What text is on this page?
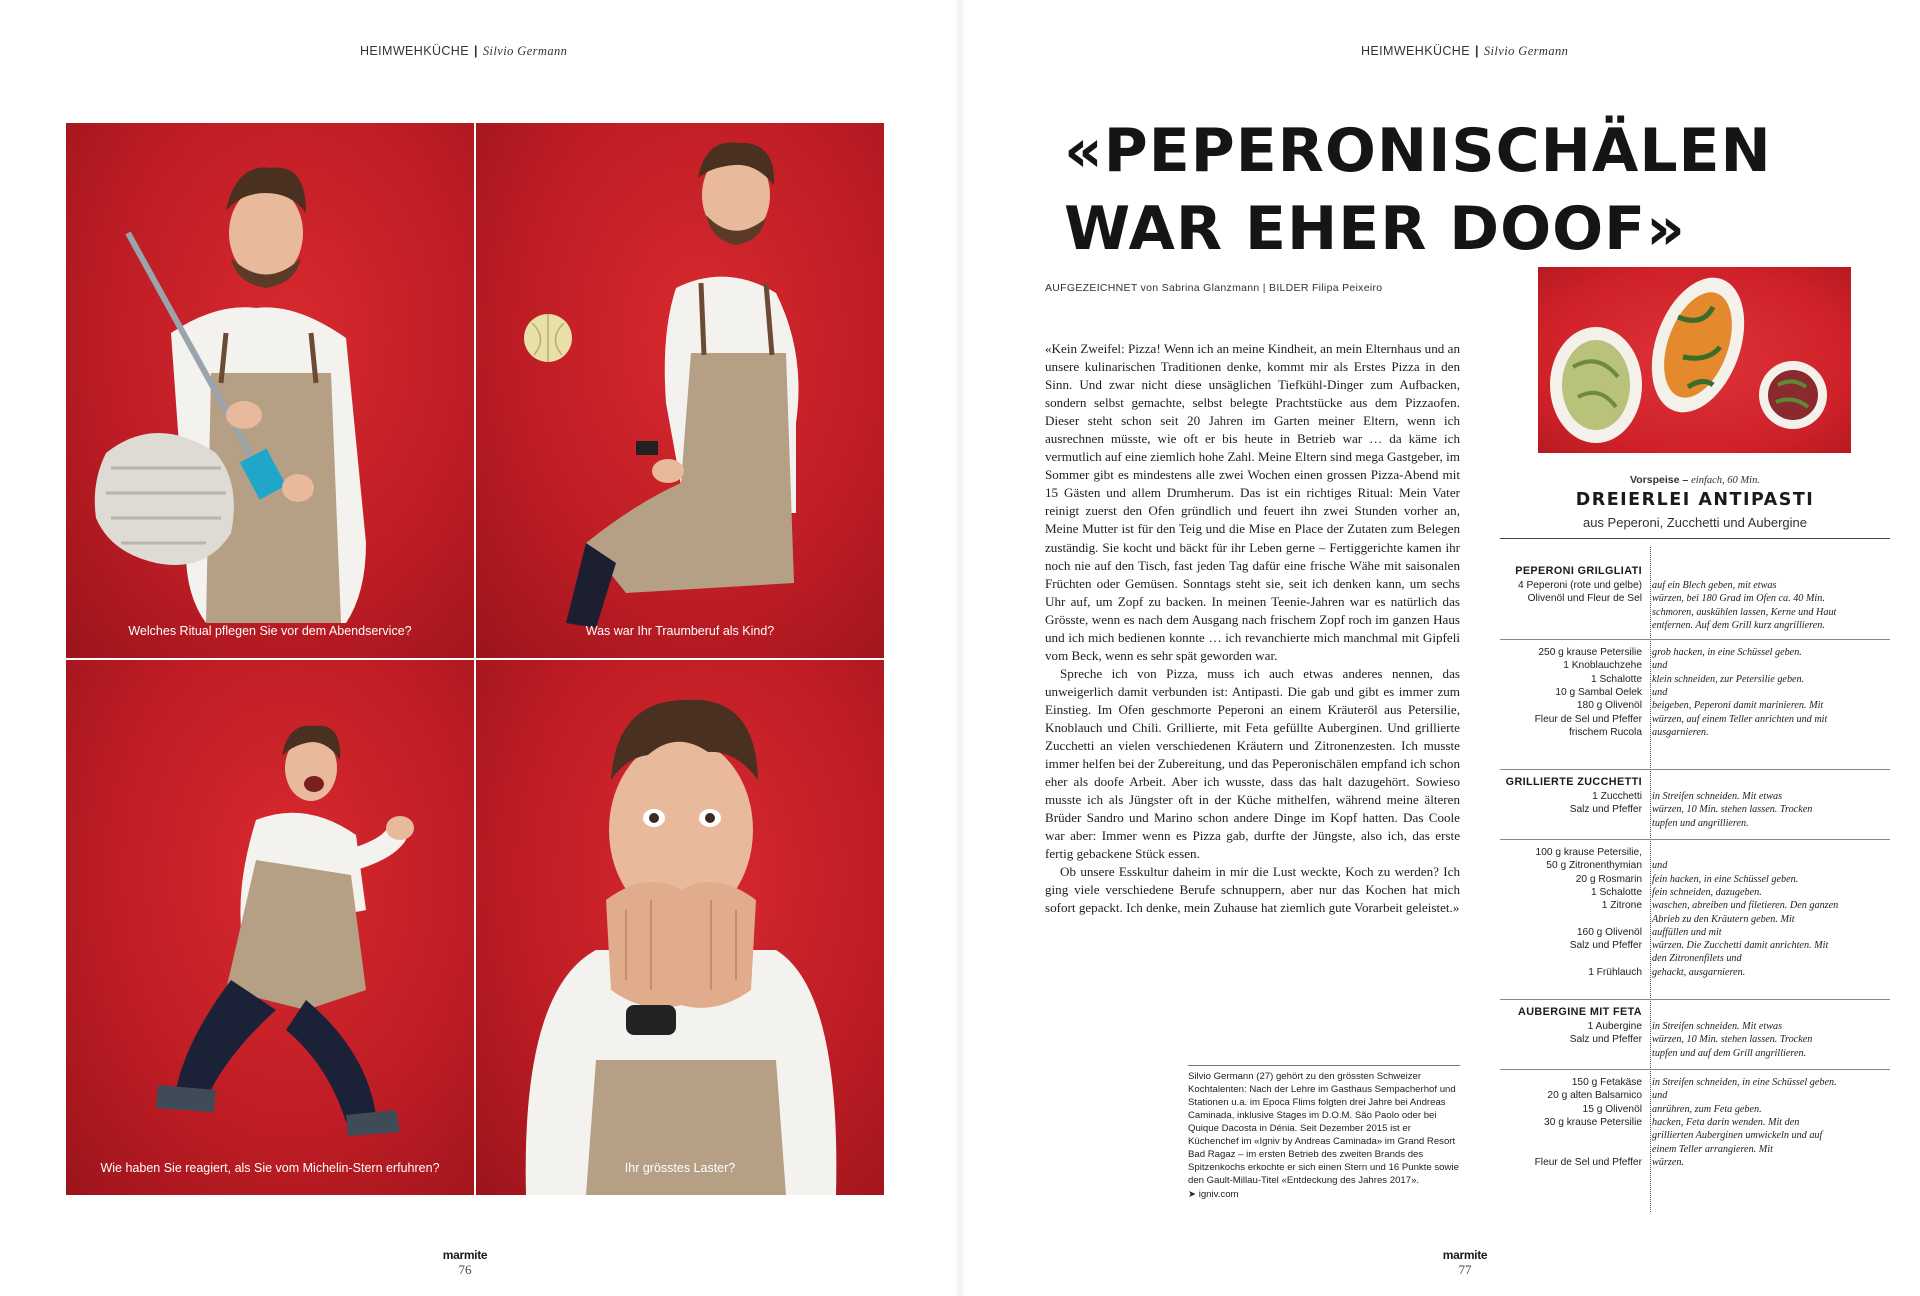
HEIMWEHKÜCHE | Silvio Germann
Welches Ritual pflegen Sie vor dem Abendservice?	Was war Ihr Traumberuf als Kind?
Wie haben Sie reagiert, als Sie vom Michelin-Stern erfuhren?	Ihr grösstes Laster?
marmite
76
HEIMWEHKÜCHE | Silvio Germann
«PEPERONISCHÄLEN
WAR EHER DOOF»
AUFGEZEICHNET von Sabrina Glanzmann | BILDER Filipa Peixeiro

«Kein Zweifel: Pizza! Wenn ich an meine Kindheit, an mein Elternhaus und an unsere kulinarischen Traditionen denke, kommt mir als Erstes Pizza in den Sinn. Und zwar nicht diese unsäglichen Tiefkühl-Dinger zum Aufbacken, sondern selbst gemachte, selbst belegte Prachtstücke aus dem Pizzaofen. Dieser steht schon seit 20 Jahren im Garten meiner Eltern, wenn ich ausrechnen müsste, wie oft er bis heute in Betrieb war … da käme ich vermutlich auf eine ziemlich hohe Zahl. Meine Eltern sind mega Gastgeber, im Sommer gibt es mindestens alle zwei Wochen einen grossen Pizza-Abend mit 15 Gästen und allem Drumherum. Das ist ein richtiges Ritual: Mein Vater reinigt zuerst den Ofen gründlich und feuert ihn zwei Stunden vorher an, Meine Mutter ist für den Teig und die Mise en Place der Zutaten zum Belegen zuständig. Sie kocht und bäckt für ihr Leben gerne – Fertiggerichte kamen ihr noch nie auf den Tisch, fast jeden Tag dafür eine frische Wähe mit saisonalen Früchten oder Gemüsen. Sonntags steht sie, seit ich denken kann, um sechs Uhr auf, um Zopf zu backen. In meinen Teenie-Jahren war es natürlich das Grösste, wenn es nach dem Ausgang nach frischem Zopf roch im ganzen Haus und ich mich bedienen konnte … ich revanchierte mich manchmal mit Gipfeli vom Beck, wenn es sehr spät geworden war.

Spreche ich von Pizza, muss ich auch etwas anderes nennen, das unweigerlich damit verbunden ist: Antipasti. Die gab und gibt es immer zum Einstieg. Im Ofen geschmorte Peperoni an einem Kräuteröl aus Petersilie, Knoblauch und Chili. Grillierte, mit Feta gefüllte Auberginen. Und grillierte Zucchetti an vielen verschiedenen Kräutern und Zitronenzesten. Ich musste immer helfen bei der Zubereitung, und das Peperonischälen empfand ich schon eher als doofe Arbeit. Aber ich wusste, dass das halt dazugehört. Sowieso musste ich als Jüngster oft in der Küche mithelfen, während meine älteren Brüder Sandro und Marino schon andere Dinge im Kopf hatten. Das Coole war aber: Immer wenn es Pizza gab, durfte der Jüngste, also ich, das erste fertig gebackene Stück essen.

Ob unsere Esskultur daheim in mir die Lust weckte, Koch zu werden? Ich ging viele verschiedene Berufe schnuppern, aber nur das Kochen hat mich sofort gepackt. Ich denke, mein Zuhause hat ziemlich gute Vorarbeit geleistet.»

Silvio Germann (27) gehört zu den grössten Schweizer Kochtalenten: Nach der Lehre im Gasthaus Sempacherhof und Stationen u.a. im Epoca Flims folgten drei Jahre bei Andreas Caminada, inklusive Stages im D.O.M. São Paolo oder bei Quique Dacosta in Dénia. Seit Dezember 2015 ist er Küchenchef im «Igniv by Andreas Caminada» im Grand Resort Bad Ragaz – im ersten Betrieb des zweiten Brands des Spitzenkochs erkochte er sich einen Stern und 16 Punkte sowie den Gault-Millau-Titel «Entdeckung des Jahres 2017».
➤ igniv.com
Vorspeise – einfach, 60 Min.
DREIERLEI ANTIPASTI
aus Peperoni, Zucchetti und Aubergine
PEPERONI GRILGLIATI
4 Peperoni (rote und gelbe) auf ein Blech geben, mit etwas
Olivenöl und Fleur de Sel würzen, bei 180 Grad im Ofen ca. 40 Min.
schmoren, auskühlen lassen, Kerne und Haut
entfernen. Auf dem Grill kurz angrillieren.
250 g krause Petersilie grob hacken, in eine Schüssel geben.
1 Knoblauchzehe und
1 Schalotte klein schneiden, zur Petersilie geben.
10 g Sambal Oelek und
180 g Olivenöl beigeben, Peperoni damit marinieren. Mit
Fleur de Sel und Pfeffer würzen, auf einem Teller anrichten und mit
frischem Rucola ausgarnieren.
GRILLIERTE ZUCCHETTI
1 Zucchetti in Streifen schneiden. Mit etwas
Salz und Pfeffer würzen, 10 Min. stehen lassen. Trocken
tupfen und angrillieren.
100 g krause Petersilie,
50 g Zitronenthymian und
20 g Rosmarin fein hacken, in eine Schüssel geben.
1 Schalotte fein schneiden, dazugeben.
1 Zitrone waschen, abreiben und filetieren. Den ganzen
Abrieb zu den Kräutern geben. Mit
160 g Olivenöl auffüllen und mit
Salz und Pfeffer würzen. Die Zucchetti damit anrichten. Mit
den Zitronenfilets und
1 Frühlauch gehackt, ausgarnieren.
AUBERGINE MIT FETA
1 Aubergine in Streifen schneiden. Mit etwas
Salz und Pfeffer würzen, 10 Min. stehen lassen. Trocken
tupfen und auf dem Grill angrillieren.
150 g Fetakäse in Streifen schneiden, in eine Schüssel geben.
20 g alten Balsamico und
15 g Olivenöl anrühren, zum Feta geben.
30 g krause Petersilie hacken, Feta darin wenden. Mit den
grillierten Auberginen umwickeln und auf
einem Teller arrangieren. Mit
Fleur de Sel und Pfeffer würzen.
marmite
77
